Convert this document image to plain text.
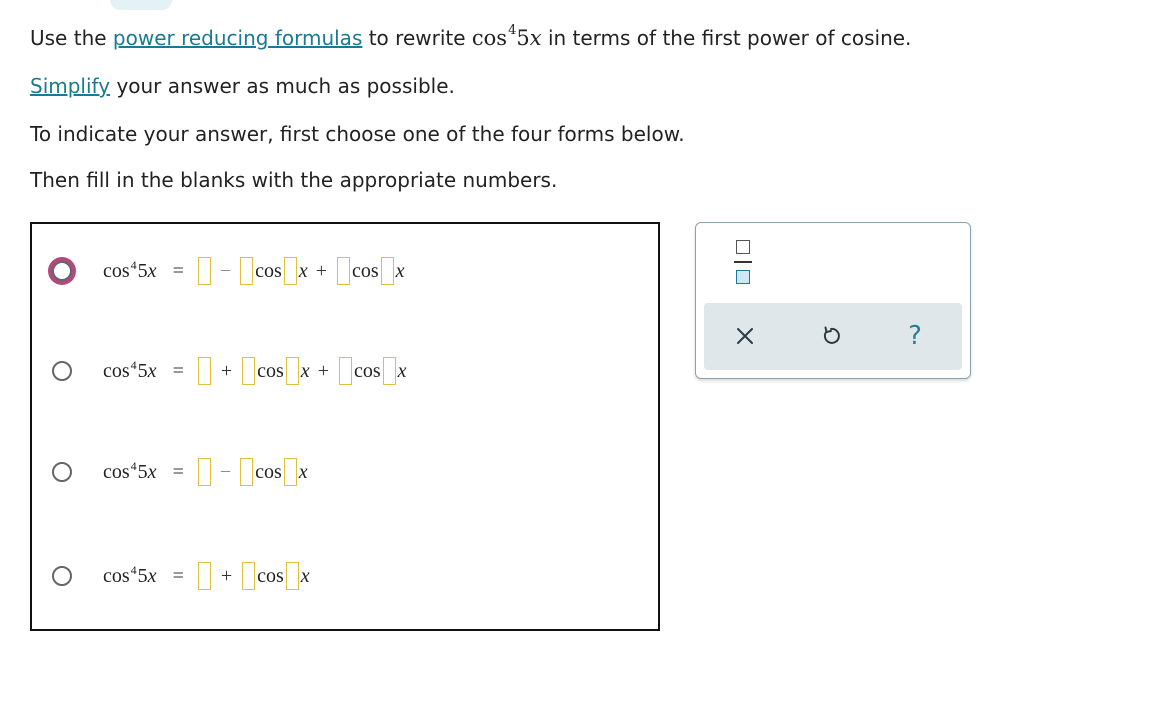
Use the power reducing formulas to rewrite $\cos^45x$ in terms of the first power of cosine.

Simplify your answer as much as possible.

To indicate your answer, first choose one of the four forms below.

Then fill in the blanks with the appropriate numbers.

$\cos^4 5$ x = − cos x + cos x
$\cos^4 5$ x = + cos x + cos x
$\cos^4 5$ x = − cos x
$\cos^4 5$ x = + cos x
?
